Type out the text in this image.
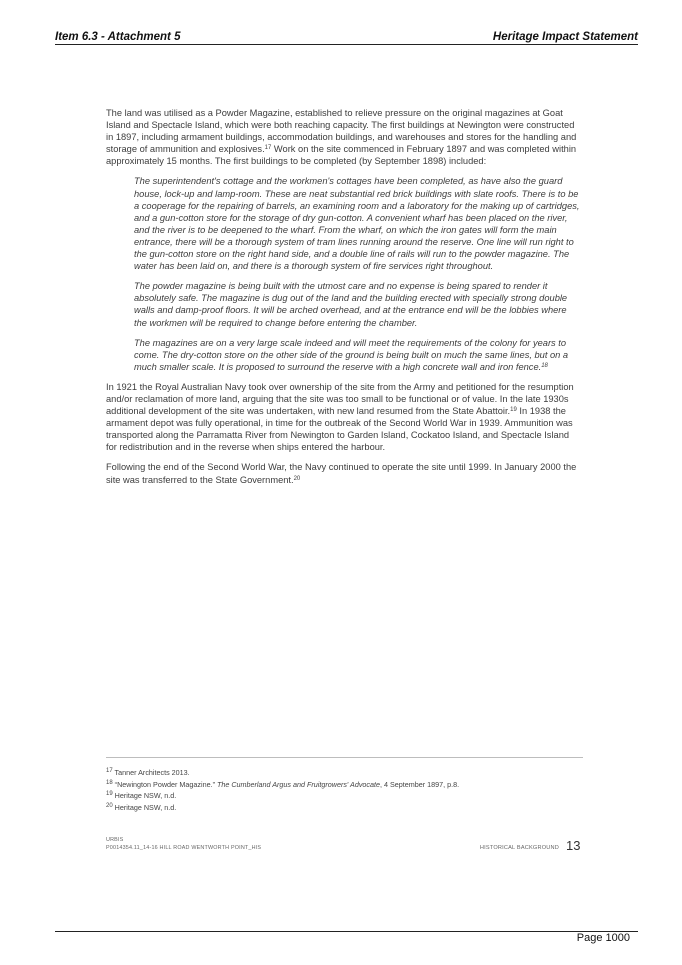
Item 6.3 - Attachment 5	Heritage Impact Statement

The land was utilised as a Powder Magazine, established to relieve pressure on the original magazines at Goat Island and Spectacle Island, which were both reaching capacity. The first buildings at Newington were constructed in 1897, including armament buildings, accommodation buildings, and warehouses and stores for the handling and storage of ammunition and explosives.$^{17}$ Work on the site commenced in February 1897 and was completed within approximately 15 months. The first buildings to be completed (by September 1898) included:

The superintendent's cottage and the workmen's cottages have been completed, as have also the guard house, lock-up and lamp-room. These are neat substantial red brick buildings with slate roofs. There is to be a cooperage for the repairing of barrels, an examining room and a laboratory for the making up of cartridges, and a gun-cotton store for the storage of dry gun-cotton. A convenient wharf has been placed on the river, and the river is to be deepened to the wharf. From the wharf, on which the iron gates will form the main entrance, there will be a thorough system of tram lines running around the reserve. One line will run right to the gun-cotton store on the right hand side, and a double line of rails will run to the powder magazine. The water has been laid on, and there is a thorough system of fire services right throughout.

The powder magazine is being built with the utmost care and no expense is being spared to render it absolutely safe. The magazine is dug out of the land and the building erected with specially strong double walls and damp-proof floors. It will be arched overhead, and at the entrance end will be the lobbies where the workmen will be required to change before entering the chamber.

The magazines are on a very large scale indeed and will meet the requirements of the colony for years to come. The dry-cotton store on the other side of the ground is being built on much the same lines, but on a much smaller scale. It is proposed to surround the reserve with a high concrete wall and iron fence.$^{18}$

In 1921 the Royal Australian Navy took over ownership of the site from the Army and petitioned for the resumption and/or reclamation of more land, arguing that the site was too small to be functional or of value. In the late 1930s additional development of the site was undertaken, with new land resumed from the State Abattoir.$^{19}$ In 1938 the armament depot was fully operational, in time for the outbreak of the Second World War in 1939. Ammunition was transported along the Parramatta River from Newington to Garden Island, Cockatoo Island, and Spectacle Island for redistribution and in the reverse when ships entered the harbour.

Following the end of the Second World War, the Navy continued to operate the site until 1999. In January 2000 the site was transferred to the State Government.$^{20}$

$^{17}$ Tanner Architects 2013.
$^{18}$ “Newington Powder Magazine.” The Cumberland Argus and Fruitgrowers' Advocate, 4 September 1897, p.8.
$^{19}$ Heritage NSW, n.d.
$^{20}$ Heritage NSW, n.d.
URBIS
P0014354.11_14-16 HILL ROAD WENTWORTH POINT_HIS	HISTORICAL BACKGROUND 13
Page 1000
